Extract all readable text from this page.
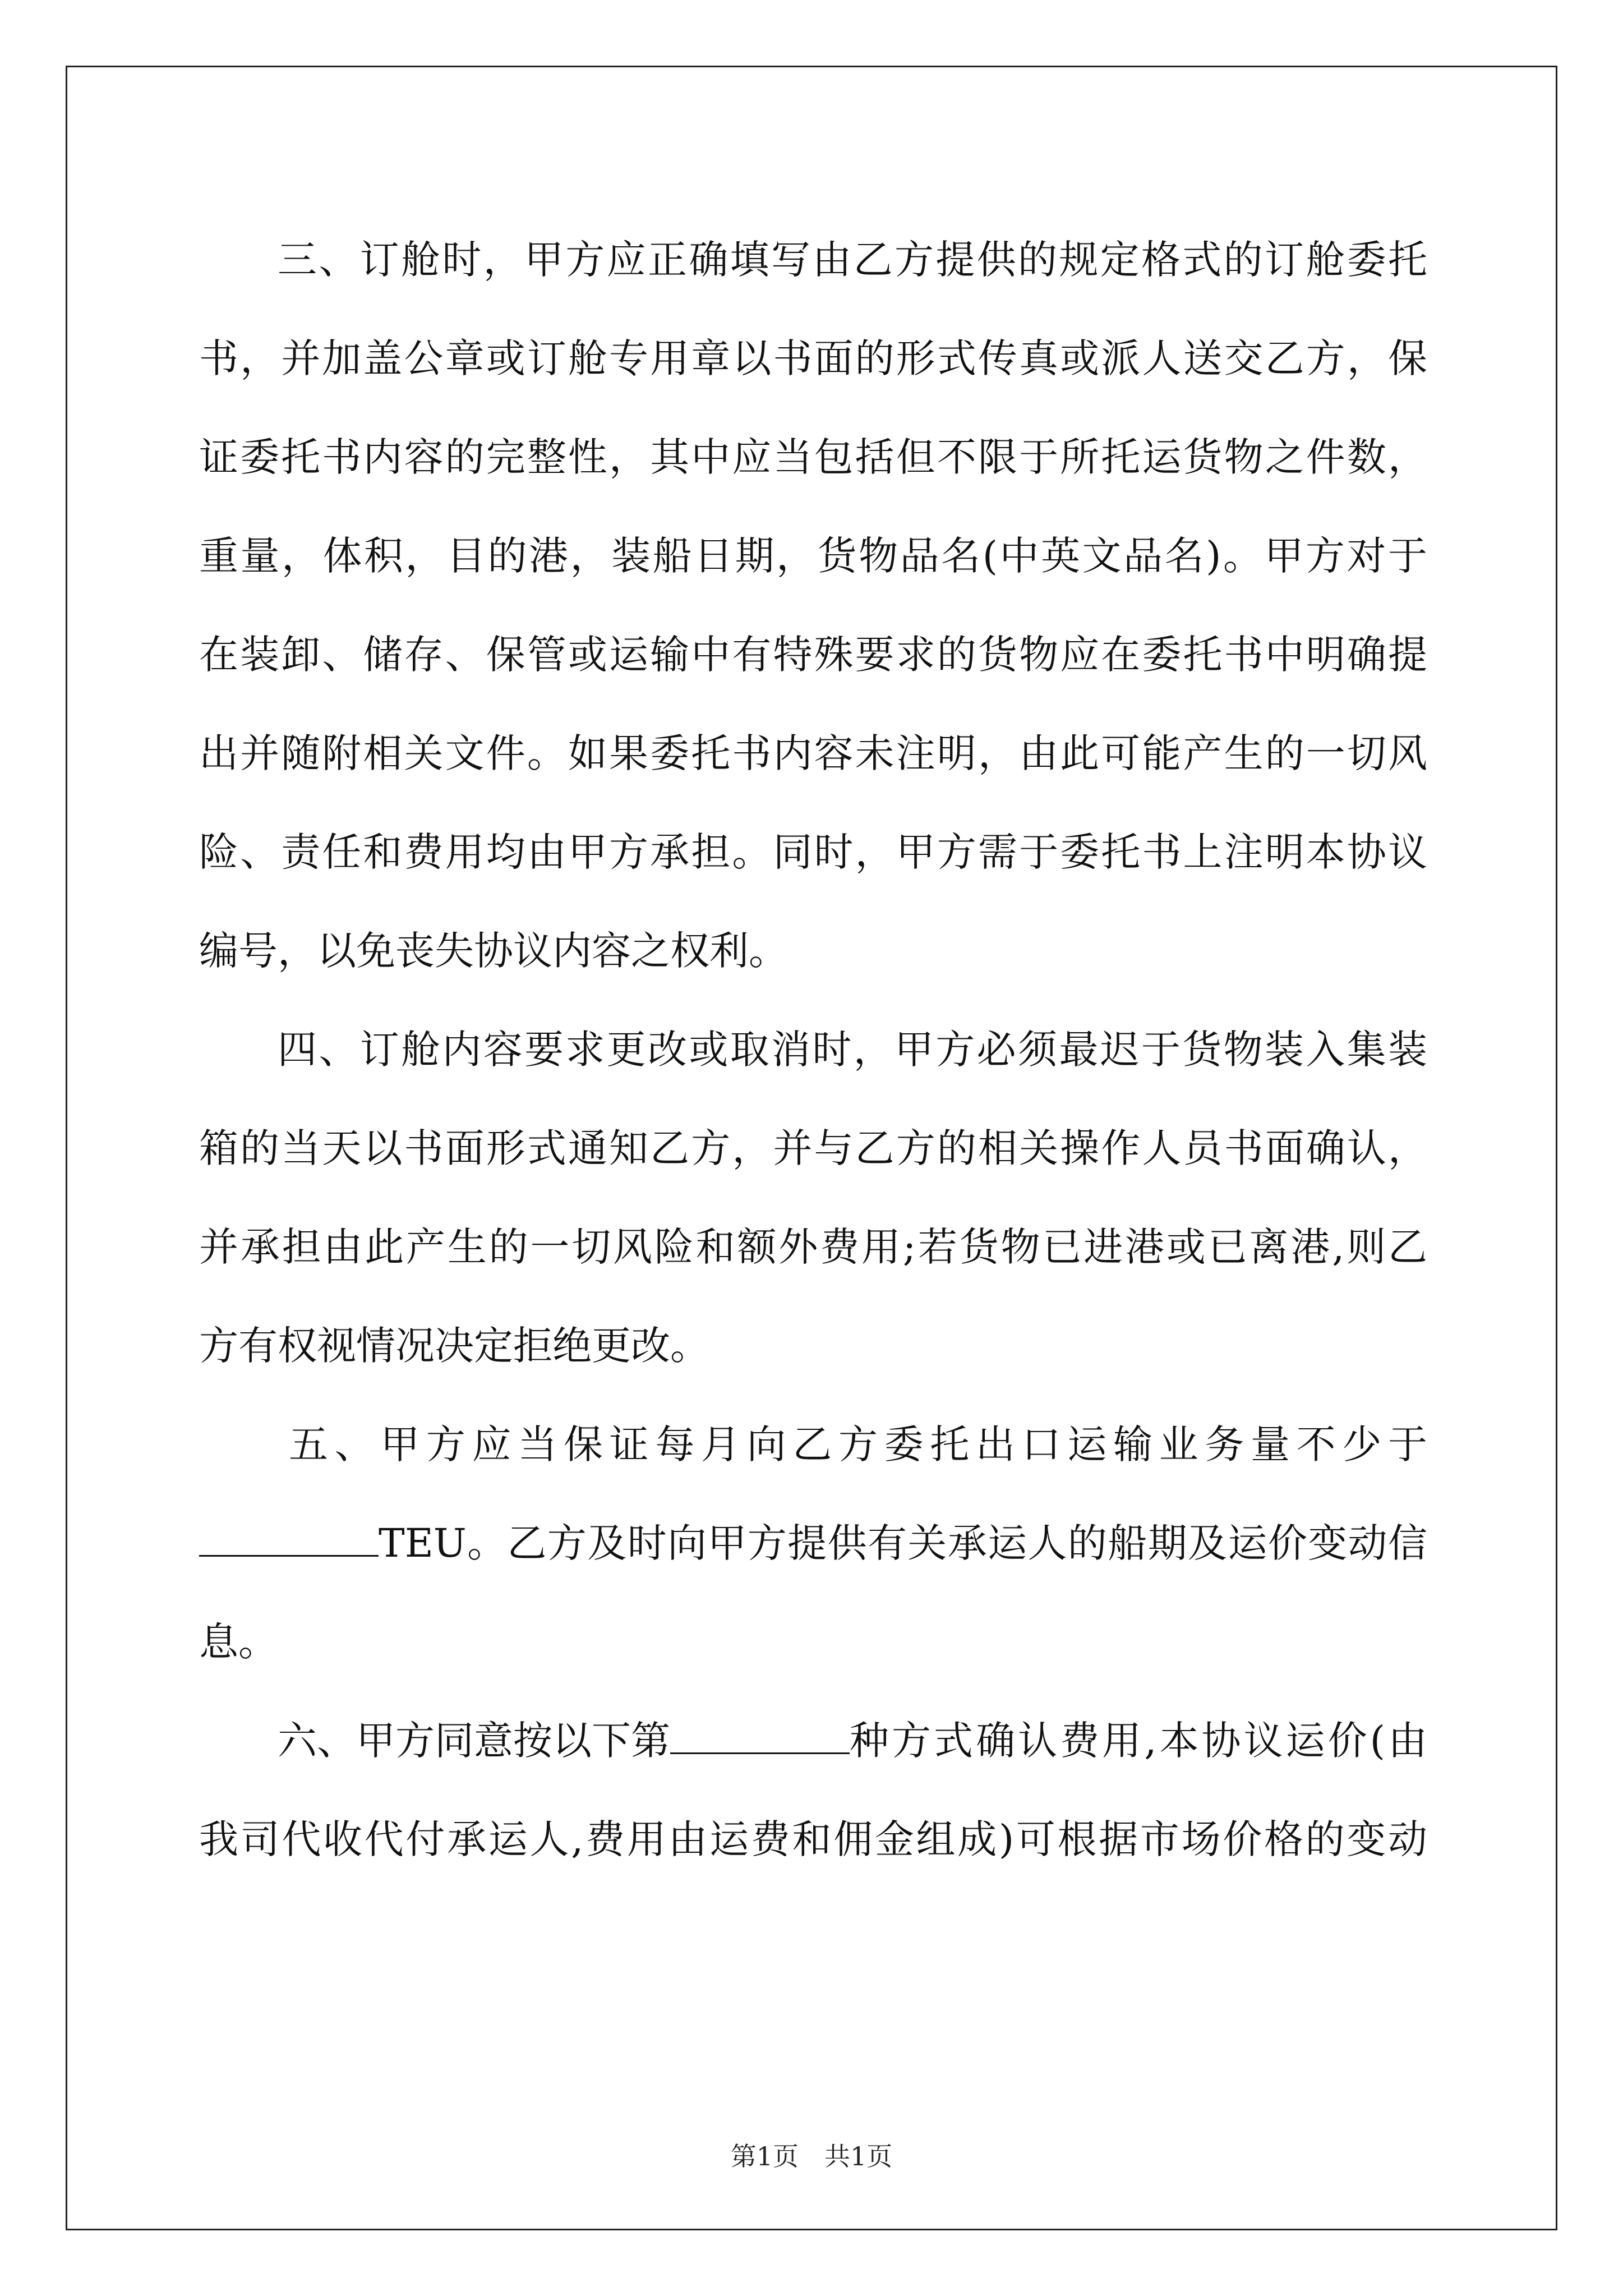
三、订舱时，甲方应正确填写由乙方提供的规定格式的订舱委托
书，并加盖公章或订舱专用章以书面的形式传真或派人送交乙方，保
证委托书内容的完整性，其中应当包括但不限于所托运货物之件数，
重量，体积，目的港，装船日期，货物品名(中英文品名)。甲方对于
在装卸、储存、保管或运输中有特殊要求的货物应在委托书中明确提
出并随附相关文件。如果委托书内容未注明，由此可能产生的一切风
险、责任和费用均由甲方承担。同时，甲方需于委托书上注明本协议
编号，以免丧失协议内容之权利。
四、订舱内容要求更改或取消时，甲方必须最迟于货物装入集装
箱的当天以书面形式通知乙方，并与乙方的相关操作人员书面确认，
并承担由此产生的一切风险和额外费用;若货物已进港或已离港,则乙
方有权视情况决定拒绝更改。
五、甲方应当保证每月向乙方委托出口运输业务量不少于
TEU。乙方及时向甲方提供有关承运人的船期及运价变动信
息。
六、甲方同意按以下第	种方式确认费用,本协议运价(由
我司代收代付承运人,费用由运费和佣金组成)可根据市场价格的变动
第1页　共1页
